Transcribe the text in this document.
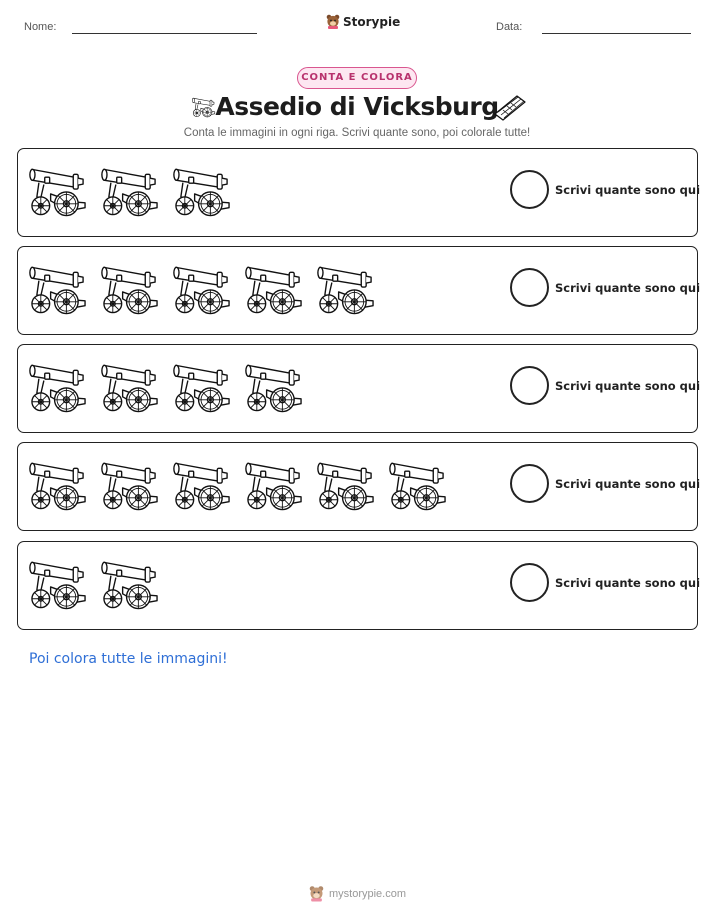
Nome:	Storypie	Data:
CONTA E COLORA
Assedio di Vicksburg
Conta le immagini in ogni riga. Scrivi quante sono, poi colorale tutte!
Scrivi quante sono qui
Scrivi quante sono qui
Scrivi quante sono qui
Scrivi quante sono qui
Scrivi quante sono qui
Poi colora tutte le immagini!
mystorypie.com
